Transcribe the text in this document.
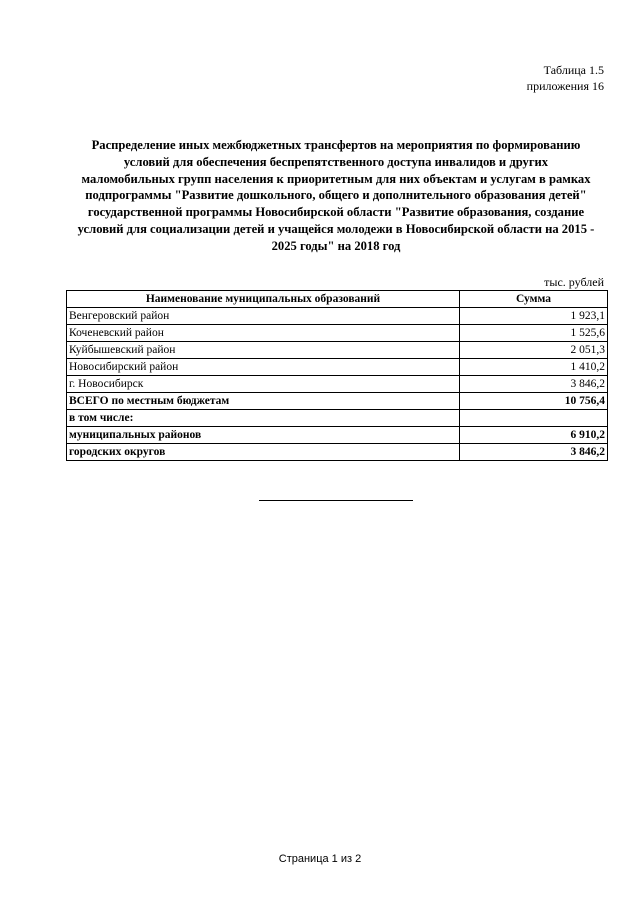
Таблица 1.5
приложения 16
Распределение иных межбюджетных трансфертов на мероприятия по формированию
условий для обеспечения беспрепятственного доступа инвалидов и других
маломобильных групп населения к приоритетным для них объектам и услугам в рамках
подпрограммы "Развитие дошкольного, общего и дополнительного образования детей"
государственной программы Новосибирской области "Развитие образования, создание
условий для социализации детей и учащейся молодежи в Новосибирской области на 2015 -
2025 годы" на 2018 год
тыс. рублей
Наименование муниципальных образований	Сумма
Венгеровский район	1 923,1
Коченевский район	1 525,6
Куйбышевский район	2 051,3
Новосибирский район	1 410,2
г. Новосибирск	3 846,2
ВСЕГО по местным бюджетам	10 756,4
в том числе:	
муниципальных районов	6 910,2
городских округов	3 846,2
Страница 1 из 2
